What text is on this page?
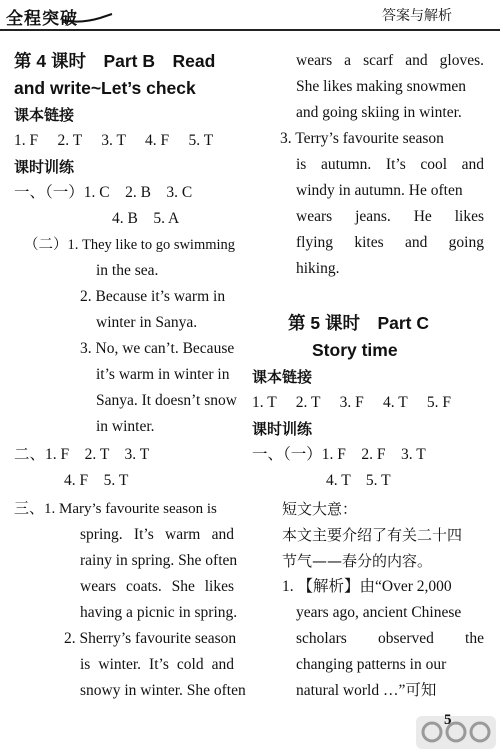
全程突破	答案与解析
第 4 课时　Part B　Read
and write~Let’s check
课本链接
1. F　 2. T　 3. T　 4. F　 5. T
课时训练
一、（一）1. C　2. B　3. C
4. B　5. A
（二）1. They like to go swimming
in the sea.
2. Because it’s warm in
winter in Sanya.
3. No, we can’t. Because
it’s warm in winter in
Sanya. It doesn’t snow
in winter.
二、1. F　2. T　3. T
4. F　5. T
三、1. Mary’s favourite season is
spring. It’s warm and
rainy in spring. She often
wears coats. She likes
having a picnic in spring.
2. Sherry’s favourite season
is winter. It’s cold and
snowy in winter. She often
wears a scarf and gloves.
She likes making snowmen
and going skiing in winter.
3. Terry’s favourite season
is autumn. It’s cool and
windy in autumn. He often
wears jeans. He likes
flying kites and going
hiking.
第 5 课时　Part C
Story time
课本链接
1. T　 2. T　 3. F　 4. T　 5. F
课时训练
一、（一）1. F　2. F　3. T
4. T　5. T
短文大意：
本文主要介绍了有关二十四
节气——春分的内容。
1. 【解析】由“Over 2,000
years ago, ancient Chinese
scholars observed the
changing patterns in our
natural world …”可知
5
